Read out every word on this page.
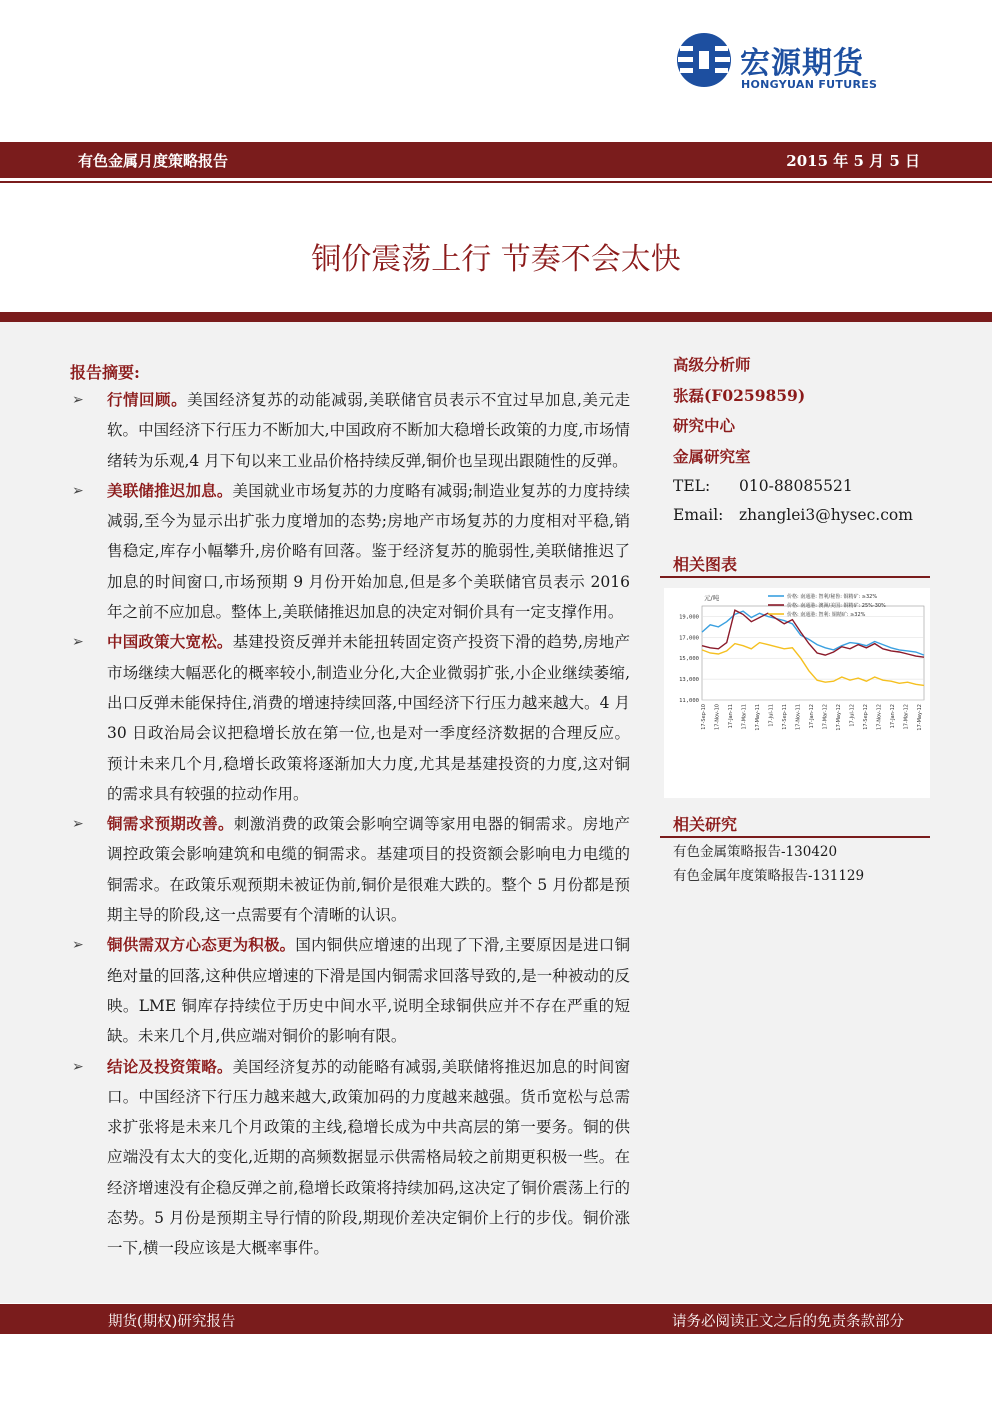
宏源期货
HONGYUAN FUTURES
有色金属月度策略报告	2015 年 5 月 5 日
铜价震荡上行 节奏不会太快
报告摘要:
➢ 行情回顾。美国经济复苏的动能减弱,美联储官员表示不宜过早加息,美元走软。中国经济下行压力不断加大,中国政府不断加大稳增长政策的力度,市场情绪转为乐观,4 月下旬以来工业品价格持续反弹,铜价也呈现出跟随性的反弹。
➢ 美联储推迟加息。美国就业市场复苏的力度略有减弱;制造业复苏的力度持续减弱,至今为显示出扩张力度增加的态势;房地产市场复苏的力度相对平稳,销售稳定,库存小幅攀升,房价略有回落。鉴于经济复苏的脆弱性,美联储推迟了加息的时间窗口,市场预期 9 月份开始加息,但是多个美联储官员表示 2016 年之前不应加息。整体上,美联储推迟加息的决定对铜价具有一定支撑作用。
➢ 中国政策大宽松。基建投资反弹并未能扭转固定资产投资下滑的趋势,房地产市场继续大幅恶化的概率较小,制造业分化,大企业微弱扩张,小企业继续萎缩,出口反弹未能保持住,消费的增速持续回落,中国经济下行压力越来越大。4 月 30 日政治局会议把稳增长放在第一位,也是对一季度经济数据的合理反应。预计未来几个月,稳增长政策将逐渐加大力度,尤其是基建投资的力度,这对铜的需求具有较强的拉动作用。
➢ 铜需求预期改善。刺激消费的政策会影响空调等家用电器的铜需求。房地产调控政策会影响建筑和电缆的铜需求。基建项目的投资额会影响电力电缆的铜需求。在政策乐观预期未被证伪前,铜价是很难大跌的。整个 5 月份都是预期主导的阶段,这一点需要有个清晰的认识。
➢ 铜供需双方心态更为积极。国内铜供应增速的出现了下滑,主要原因是进口铜绝对量的回落,这种供应增速的下滑是国内铜需求回落导致的,是一种被动的反映。LME 铜库存持续位于历史中间水平,说明全球铜供应并不存在严重的短缺。未来几个月,供应端对铜价的影响有限。
➢ 结论及投资策略。美国经济复苏的动能略有减弱,美联储将推迟加息的时间窗口。中国经济下行压力越来越大,政策加码的力度越来越强。货币宽松与总需求扩张将是未来几个月政策的主线,稳增长成为中共高层的第一要务。铜的供应端没有太大的变化,近期的高频数据显示供需格局较之前期更积极一些。在经济增速没有企稳反弹之前,稳增长政策将持续加码,这决定了铜价震荡上行的态势。5 月份是预期主导行情的阶段,期现价差决定铜价上行的步伐。铜价涨一下,横一段应该是大概率事件。
高级分析师
张磊(F0259859)
研究中心
金属研究室
TEL: 010-88085521
Email: zhanglei3@hysec.com
相关图表
元/吨
19,000
17,000
15,000
13,000
11,000
17-Sep-10 17-Nov-10 17-Jan-11 17-Mar-11 17-May-11 17-Jul-11 17-Sep-11 17-Nov-11 17-Jan-12 17-Mar-12 17-May-12 17-Jul-12 17-Sep-12 17-Nov-12 17-Jan-12 17-Mar-12 17-May-12
价格: 南通港: 智利/秘鲁: 铜精矿: ≥32%
价格: 南通港: 澳洲/美国: 铜精矿: 25%-30%
价格: 南通港: 智利: 铜精矿: ≥32%
相关研究
有色金属策略报告-130420
有色金属年度策略报告-131129
期货(期权)研究报告	请务必阅读正文之后的免责条款部分
